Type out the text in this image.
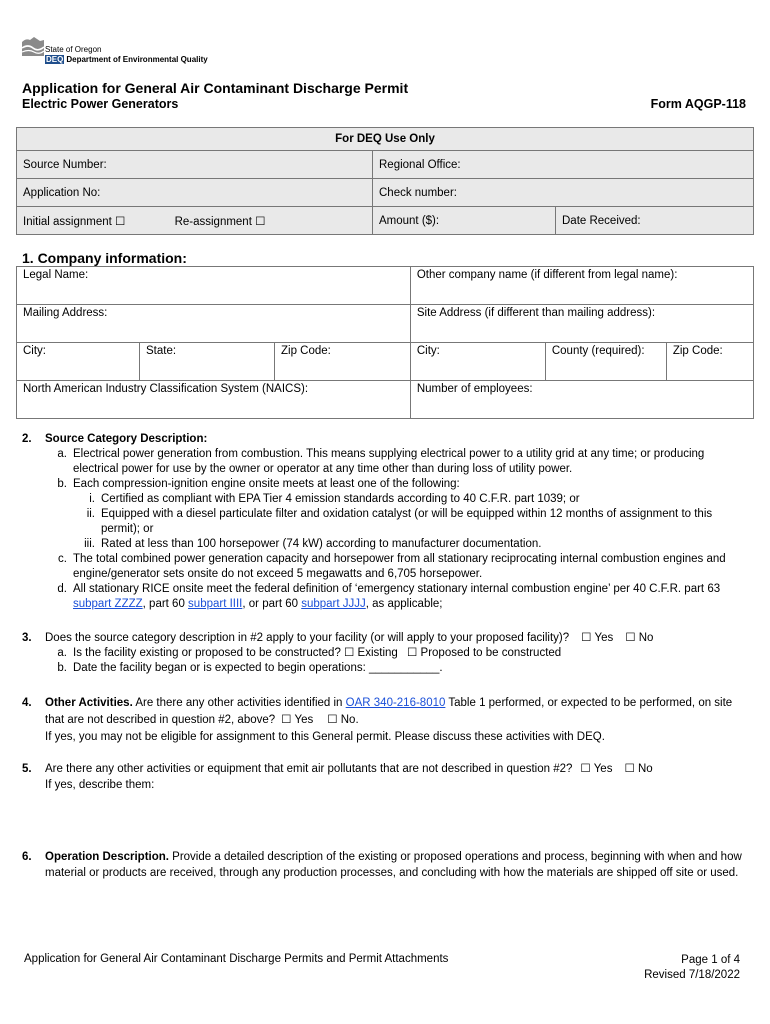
State of Oregon
DEQ Department of Environmental Quality
Application for General Air Contaminant Discharge Permit
Electric Power Generators	Form AQGP-118
For DEQ Use Only		
Source Number:	Regional Office:	
Application No:	Check number:	
Initial assignment ☐ Re-assignment ☐	Amount ($):	Date Received:
1. Company information:
Legal Name:			Other company name (if different from legal name):		
Mailing Address:			Site Address (if different than mailing address):		
City:	State:	Zip Code:	City:	County (required):	Zip Code:
North American Industry Classification System (NAICS):			Number of employees:		
2. Source Category Description:
a. Electrical power generation from combustion. This means supplying electrical power to a utility grid at any time; or producing electrical power for use by the owner or operator at any time other than during loss of utility power.
b. Each compression-ignition engine onsite meets at least one of the following:
i. Certified as compliant with EPA Tier 4 emission standards according to 40 C.F.R. part 1039; or
ii. Equipped with a diesel particulate filter and oxidation catalyst (or will be equipped within 12 months of assignment to this permit); or
iii. Rated at less than 100 horsepower (74 kW) according to manufacturer documentation.
c. The total combined power generation capacity and horsepower from all stationary reciprocating internal combustion engines and engine/generator sets onsite do not exceed 5 megawatts and 6,705 horsepower.
d. All stationary RICE onsite meet the federal definition of ‘emergency stationary internal combustion engine’ per 40 C.F.R. part 63 subpart ZZZZ, part 60 subpart IIII, or part 60 subpart JJJJ, as applicable;
3. Does the source category description in #2 apply to your facility (or will apply to your proposed facility)? ☐ Yes ☐ No
a. Is the facility existing or proposed to be constructed? ☐ Existing ☐ Proposed to be constructed
b. Date the facility began or is expected to begin operations: ___________.
4. Other Activities. Are there any other activities identified in OAR 340-216-8010 Table 1 performed, or expected to be performed, on site that are not described in question #2, above? ☐ Yes ☐ No.
If yes, you may not be eligible for assignment to this General permit. Please discuss these activities with DEQ.
5. Are there any other activities or equipment that emit air pollutants that are not described in question #2? ☐ Yes ☐ No
If yes, describe them:
6. Operation Description. Provide a detailed description of the existing or proposed operations and process, beginning with when and how material or products are received, through any production processes, and concluding with how the materials are shipped off site or used.
Application for General Air Contaminant Discharge Permits and Permit Attachments	Page 1 of 4
Revised 7/18/2022
